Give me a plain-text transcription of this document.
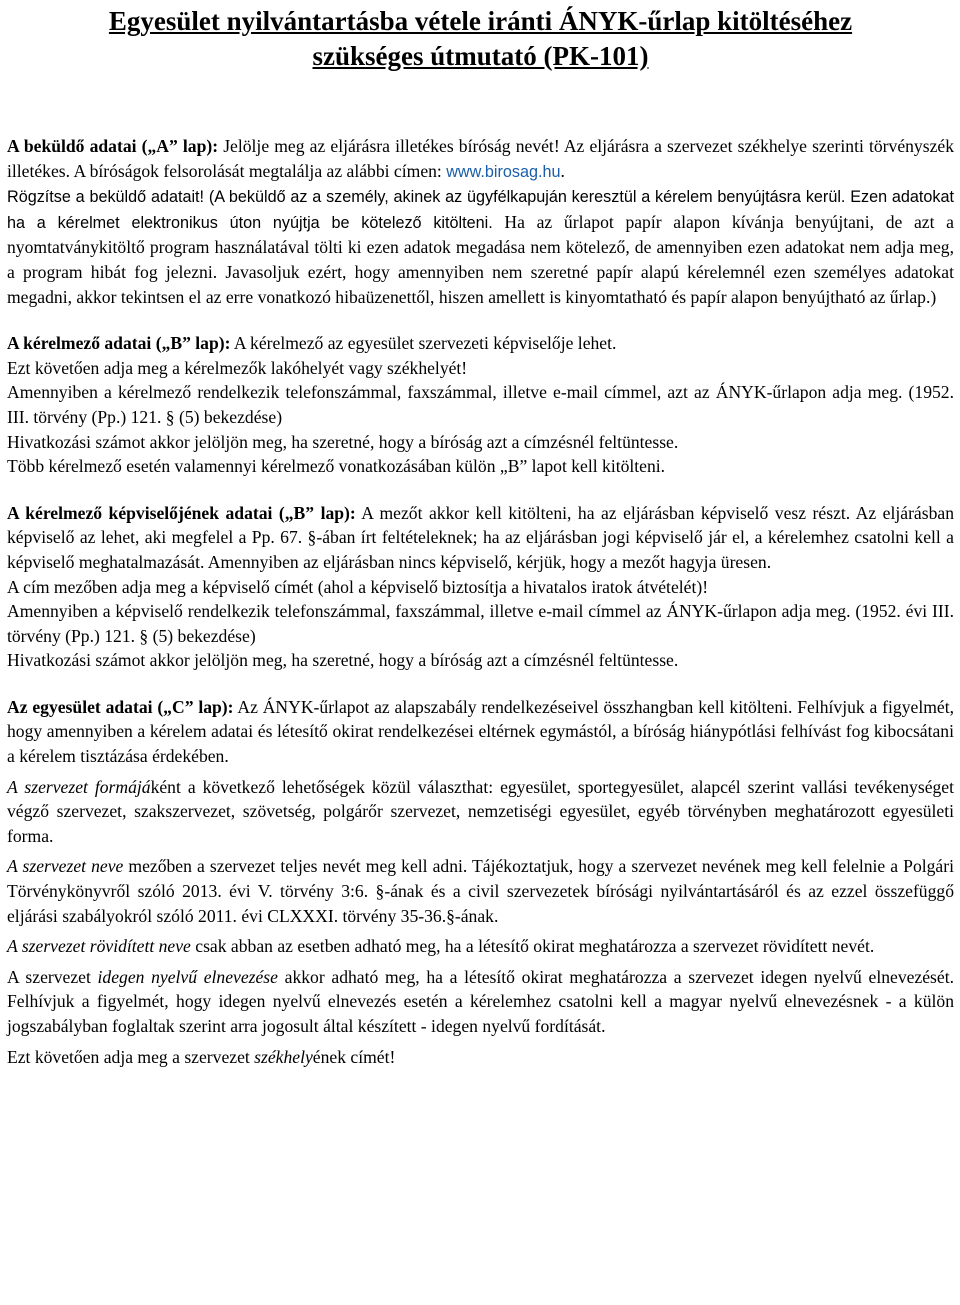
Egyesület nyilvántartásba vétele iránti ÁNYK-űrlap kitöltéséhez
szükséges útmutató (PK-101)

A beküldő adatai („A” lap): Jelölje meg az eljárásra illetékes bíróság nevét! Az eljárásra a szervezet székhelye szerinti törvényszék illetékes. A bíróságok felsorolását megtalálja az alábbi címen: www.birosag.hu.

Rögzítse a beküldő adatait! (A beküldő az a személy, akinek az ügyfélkapuján keresztül a kérelem benyújtásra kerül. Ezen adatokat ha a kérelmet elektronikus úton nyújtja be kötelező kitölteni. Ha az űrlapot papír alapon kívánja benyújtani, de azt a nyomtatványkitöltő program használatával tölti ki ezen adatok megadása nem kötelező, de amennyiben ezen adatokat nem adja meg, a program hibát fog jelezni. Javasoljuk ezért, hogy amennyiben nem szeretné papír alapú kérelemnél ezen személyes adatokat megadni, akkor tekintsen el az erre vonatkozó hibaüzenettől, hiszen amellett is kinyomtatható és papír alapon benyújtható az űrlap.)

A kérelmező adatai („B” lap): A kérelmező az egyesület szervezeti képviselője lehet.

Ezt követően adja meg a kérelmezők lakóhelyét vagy székhelyét!

Amennyiben a kérelmező rendelkezik telefonszámmal, faxszámmal, illetve e-mail címmel, azt az ÁNYK-űrlapon adja meg. (1952. III. törvény (Pp.) 121. § (5) bekezdése)

Hivatkozási számot akkor jelöljön meg, ha szeretné, hogy a bíróság azt a címzésnél feltüntesse.

Több kérelmező esetén valamennyi kérelmező vonatkozásában külön „B” lapot kell kitölteni.

A kérelmező képviselőjének adatai („B” lap): A mezőt akkor kell kitölteni, ha az eljárásban képviselő vesz részt. Az eljárásban képviselő az lehet, aki megfelel a Pp. 67. §-ában írt feltételeknek; ha az eljárásban jogi képviselő jár el, a kérelemhez csatolni kell a képviselő meghatalmazását. Amennyiben az eljárásban nincs képviselő, kérjük, hogy a mezőt hagyja üresen.

A cím mezőben adja meg a képviselő címét (ahol a képviselő biztosítja a hivatalos iratok átvételét)!

Amennyiben a képviselő rendelkezik telefonszámmal, faxszámmal, illetve e-mail címmel az ÁNYK-űrlapon adja meg. (1952. évi III. törvény (Pp.) 121. § (5) bekezdése)

Hivatkozási számot akkor jelöljön meg, ha szeretné, hogy a bíróság azt a címzésnél feltüntesse.

Az egyesület adatai („C” lap): Az ÁNYK-űrlapot az alapszabály rendelkezéseivel összhangban kell kitölteni. Felhívjuk a figyelmét, hogy amennyiben a kérelem adatai és létesítő okirat rendelkezései eltérnek egymástól, a bíróság hiánypótlási felhívást fog kibocsátani a kérelem tisztázása érdekében.

A szervezet formájáként a következő lehetőségek közül választhat: egyesület, sportegyesület, alapcél szerint vallási tevékenységet végző szervezet, szakszervezet, szövetség, polgárőr szervezet, nemzetiségi egyesület, egyéb törvényben meghatározott egyesületi forma.

A szervezet neve mezőben a szervezet teljes nevét meg kell adni. Tájékoztatjuk, hogy a szervezet nevének meg kell felelnie a Polgári Törvénykönyvről szóló 2013. évi V. törvény 3:6. §-ának és a civil szervezetek bírósági nyilvántartásáról és az ezzel összefüggő eljárási szabályokról szóló 2011. évi CLXXXI. törvény 35-36.§-ának.

A szervezet rövidített neve csak abban az esetben adható meg, ha a létesítő okirat meghatározza a szervezet rövidített nevét.

A szervezet idegen nyelvű elnevezése akkor adható meg, ha a létesítő okirat meghatározza a szervezet idegen nyelvű elnevezését. Felhívjuk a figyelmét, hogy idegen nyelvű elnevezés esetén a kérelemhez csatolni kell a magyar nyelvű elnevezésnek - a külön jogszabályban foglaltak szerint arra jogosult által készített - idegen nyelvű fordítását.

Ezt követően adja meg a szervezet székhelyének címét!
